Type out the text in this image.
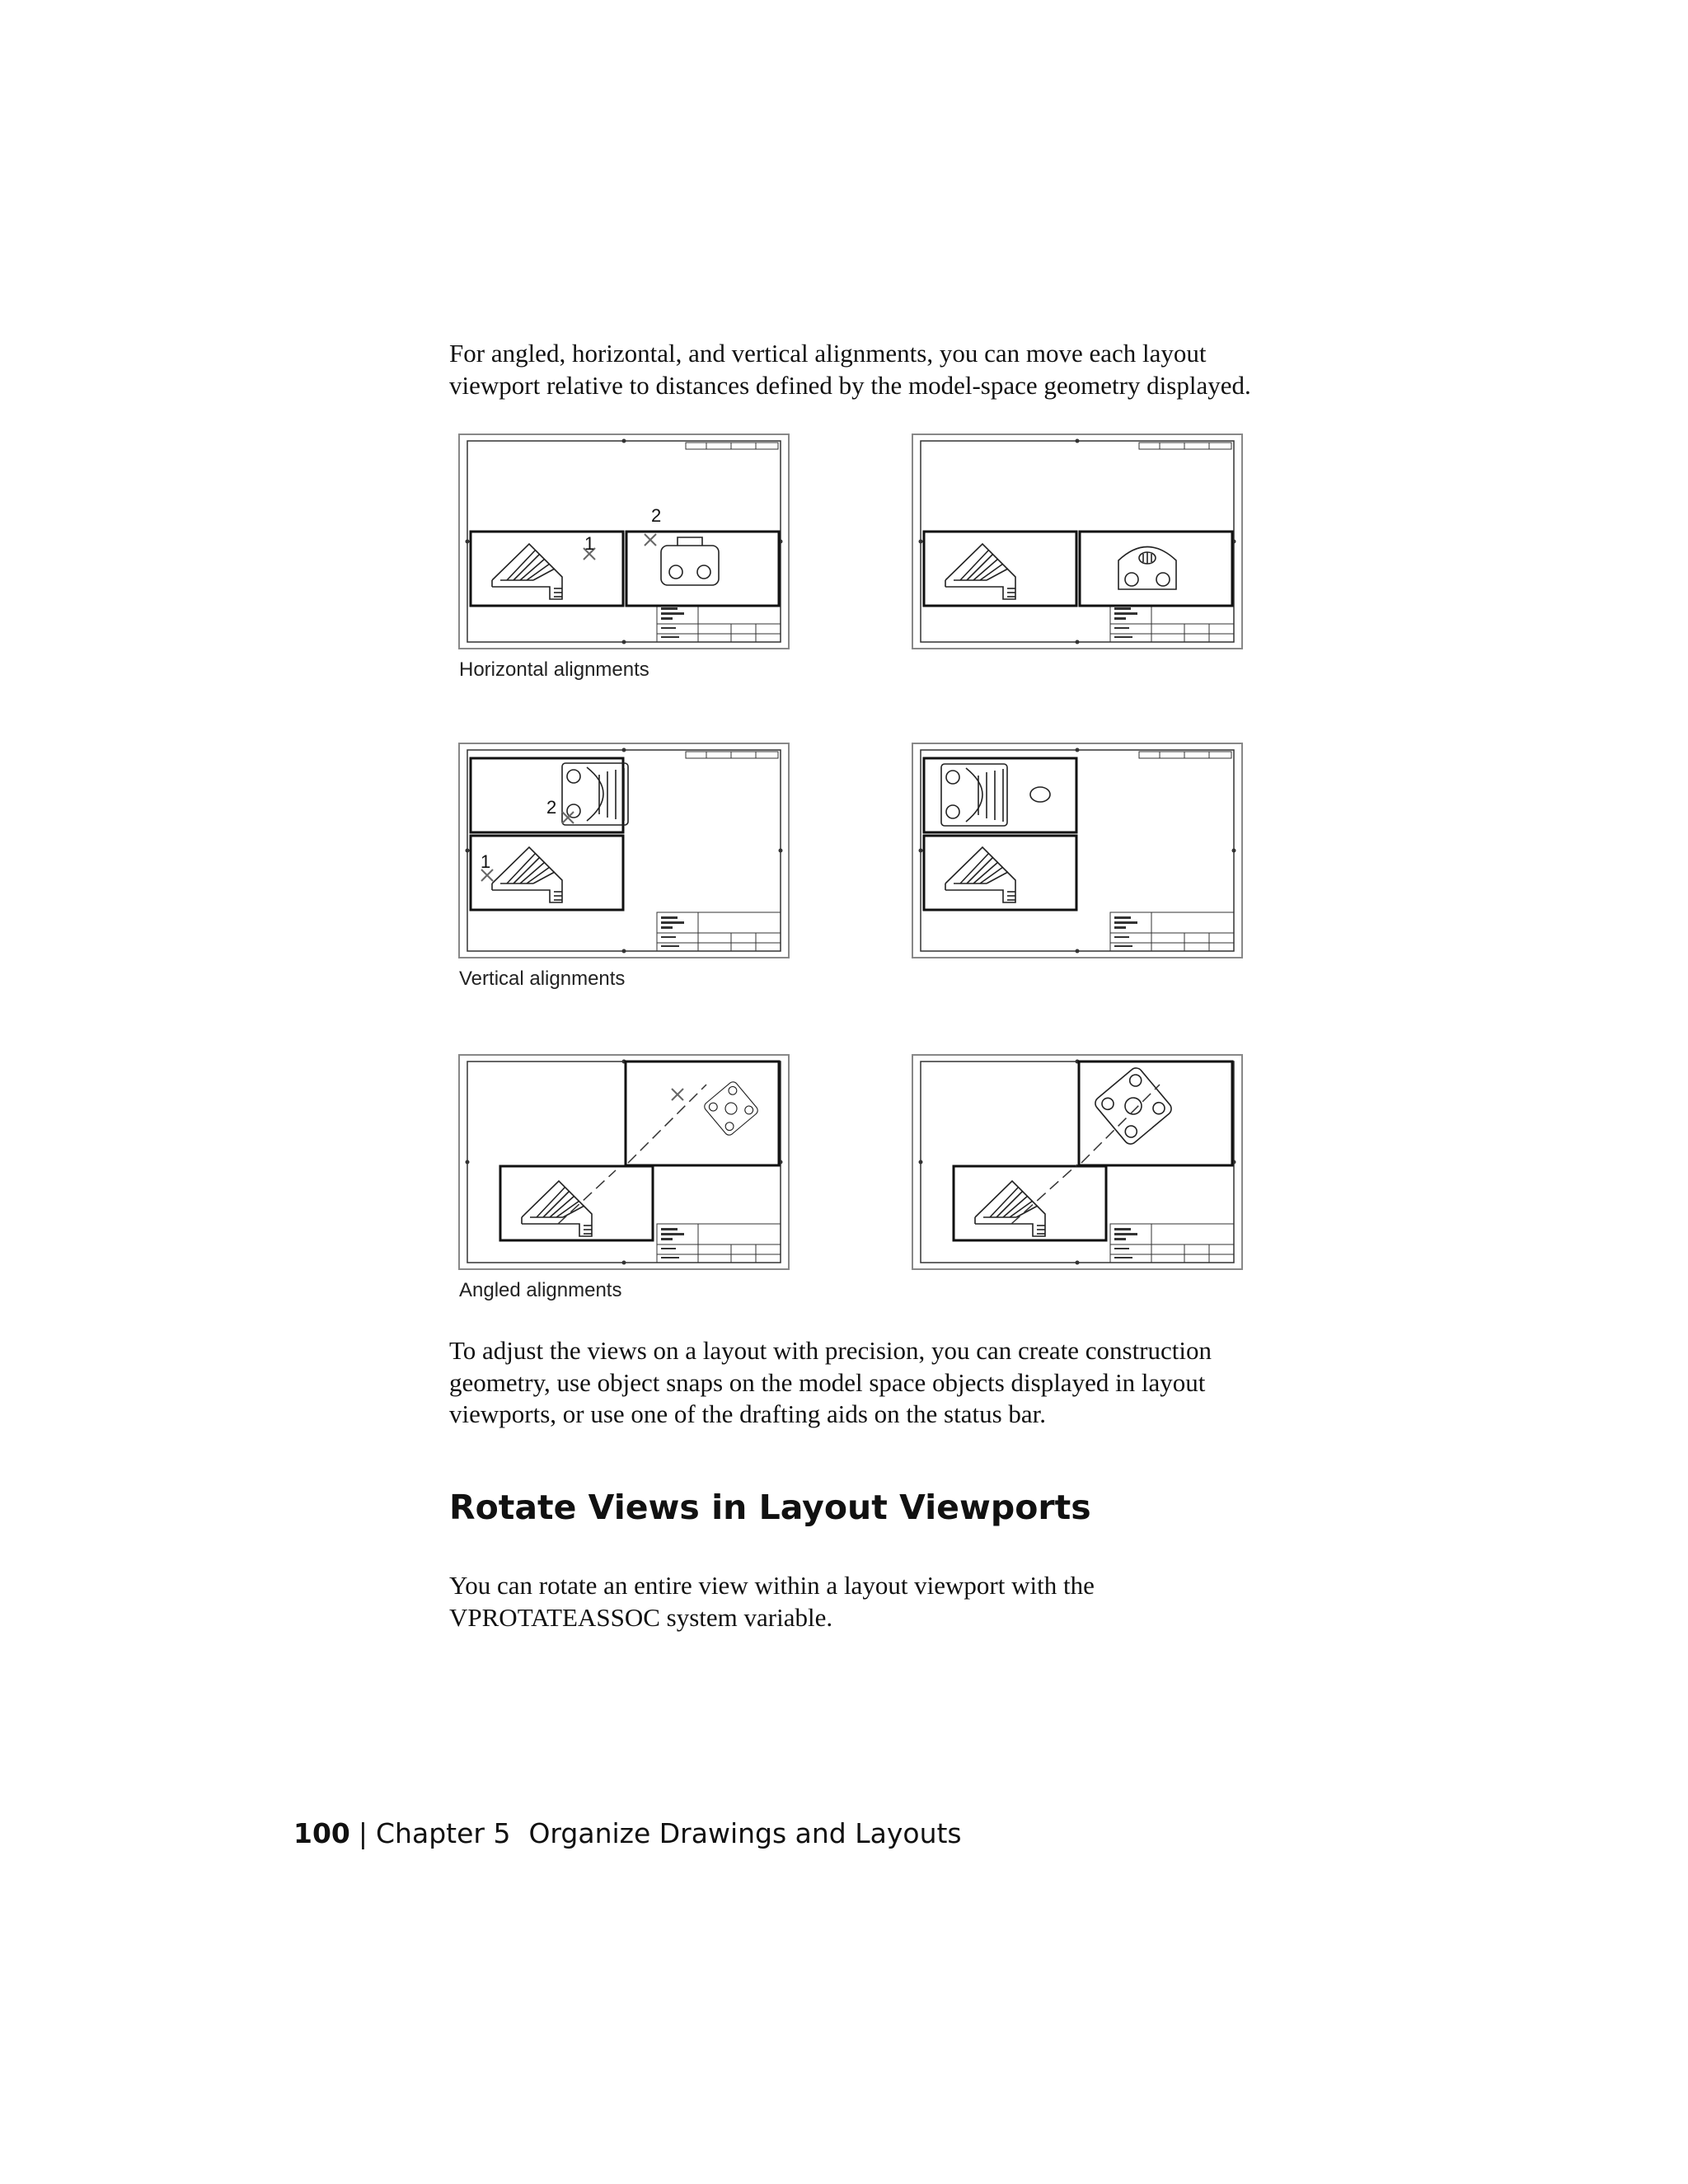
For angled, horizontal, and vertical alignments, you can move each layout
viewport relative to distances defined by the model-space geometry displayed.
1
2
Horizontal alignments
2
1
Vertical alignments
Angled alignments
To adjust the views on a layout with precision, you can create construction
geometry, use object snaps on the model space objects displayed in layout
viewports, or use one of the drafting aids on the status bar.
Rotate Views in Layout Viewports
You can rotate an entire view within a layout viewport with the
VPROTATEASSOC system variable.
100 | Chapter 5 Organize Drawings and Layouts
